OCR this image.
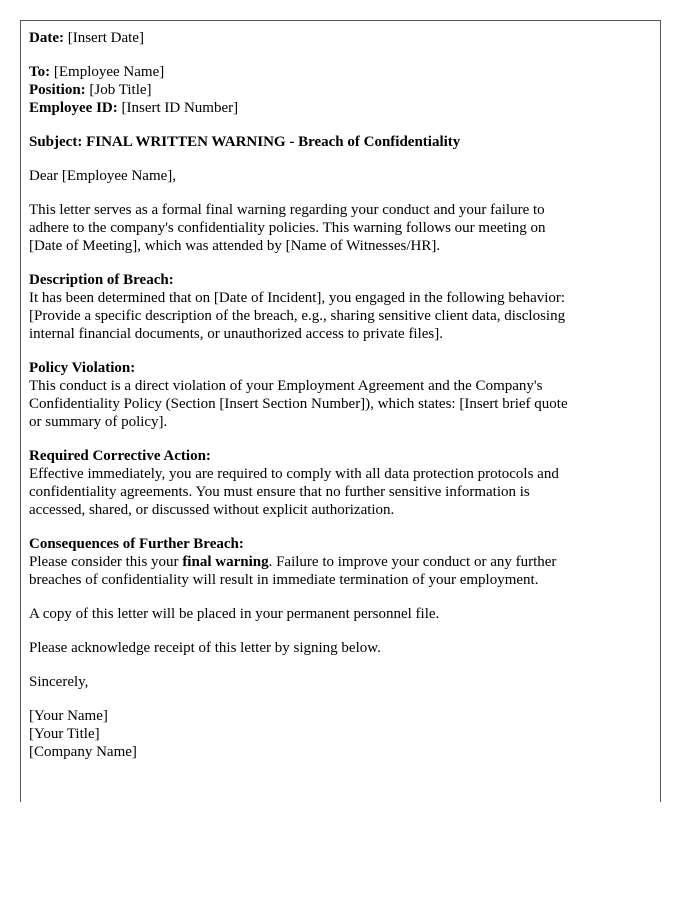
Date: [Insert Date]
To: [Employee Name]
Position: [Job Title]
Employee ID: [Insert ID Number]
Subject: FINAL WRITTEN WARNING - Breach of Confidentiality
Dear [Employee Name],
This letter serves as a formal final warning regarding your conduct and your failure to
adhere to the company's confidentiality policies. This warning follows our meeting on
[Date of Meeting], which was attended by [Name of Witnesses/HR].
Description of Breach:
It has been determined that on [Date of Incident], you engaged in the following behavior:
[Provide a specific description of the breach, e.g., sharing sensitive client data, disclosing
internal financial documents, or unauthorized access to private files].
Policy Violation:
This conduct is a direct violation of your Employment Agreement and the Company's
Confidentiality Policy (Section [Insert Section Number]), which states: [Insert brief quote
or summary of policy].
Required Corrective Action:
Effective immediately, you are required to comply with all data protection protocols and
confidentiality agreements. You must ensure that no further sensitive information is
accessed, shared, or discussed without explicit authorization.
Consequences of Further Breach:
Please consider this your final warning. Failure to improve your conduct or any further
breaches of confidentiality will result in immediate termination of your employment.
A copy of this letter will be placed in your permanent personnel file.
Please acknowledge receipt of this letter by signing below.
Sincerely,
[Your Name]
[Your Title]
[Company Name]
